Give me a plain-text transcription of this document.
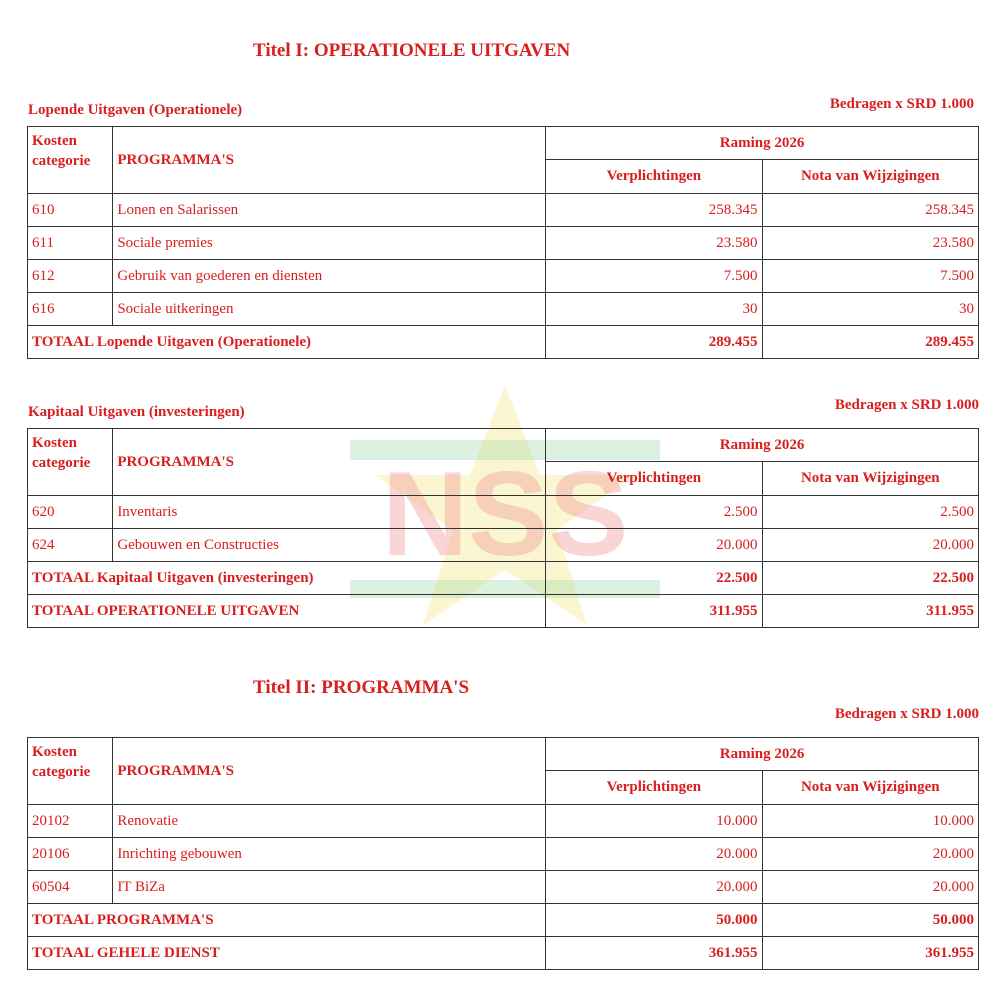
NSS
Titel I: OPERATIONELE UITGAVEN
Lopende Uitgaven (Operationele)	Bedragen x SRD 1.000
Kosten categorie	PROGRAMMA'S	Raming 2026	
		Verplichtingen	Nota van Wijzigingen
610	Lonen en Salarissen	258.345	258.345
611	Sociale premies	23.580	23.580
612	Gebruik van goederen en diensten	7.500	7.500
616	Sociale uitkeringen	30	30
TOTAAL Lopende Uitgaven (Operationele)		289.455	289.455
Kapitaal Uitgaven (investeringen)	Bedragen x SRD 1.000
Kosten categorie	PROGRAMMA'S	Raming 2026	
		Verplichtingen	Nota van Wijzigingen
620	Inventaris	2.500	2.500
624	Gebouwen en Constructies	20.000	20.000
TOTAAL Kapitaal Uitgaven (investeringen)		22.500	22.500
TOTAAL OPERATIONELE UITGAVEN		311.955	311.955
Titel II: PROGRAMMA'S
Bedragen x SRD 1.000
Kosten categorie	PROGRAMMA'S	Raming 2026	
		Verplichtingen	Nota van Wijzigingen
20102	Renovatie	10.000	10.000
20106	Inrichting gebouwen	20.000	20.000
60504	IT BiZa	20.000	20.000
TOTAAL PROGRAMMA'S		50.000	50.000
TOTAAL GEHELE DIENST		361.955	361.955
